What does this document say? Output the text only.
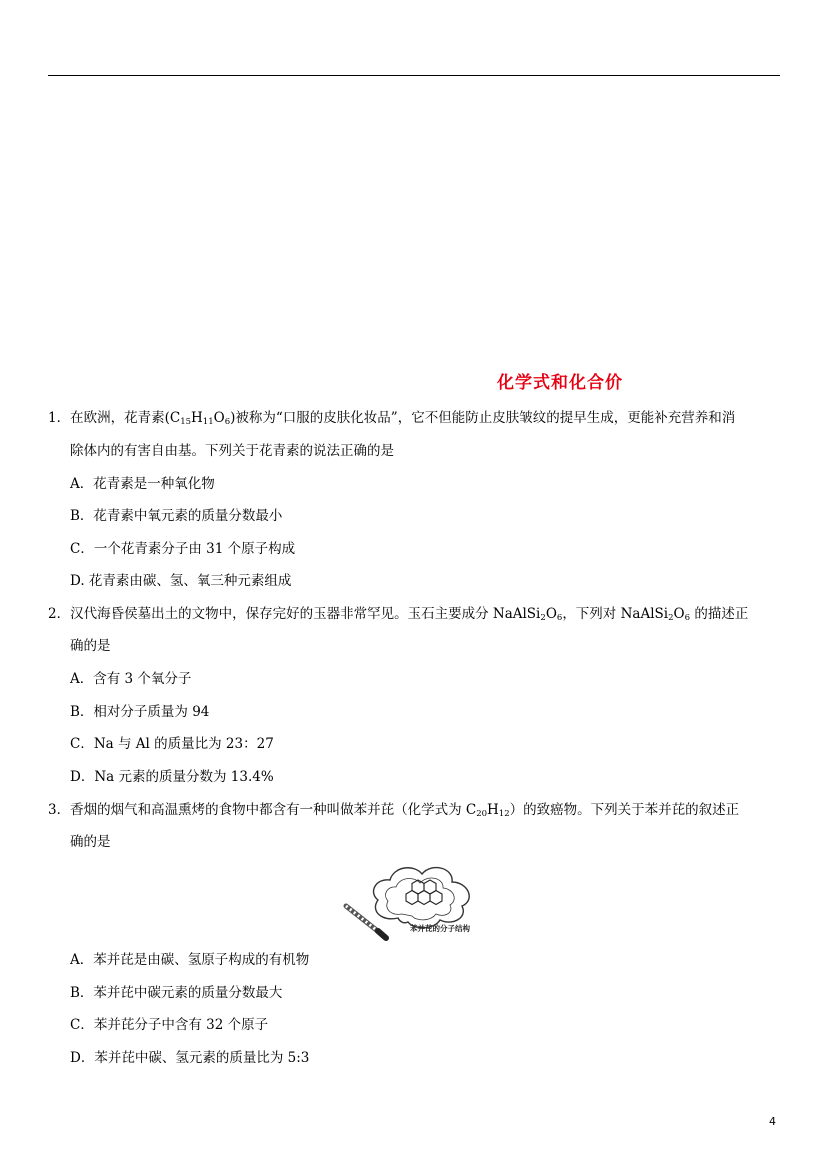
化学式和化合价
1．在欧洲，花青素$(C_{15}H_{11}O_6)$被称为“口服的皮肤化妆品”，它不但能防止皮肤皱纹的提早生成，更能补充营养和消
除体内的有害自由基。下列关于花青素的说法正确的是
A．花青素是一种氧化物
B．花青素中氧元素的质量分数最小
C．一个花青素分子由 31 个原子构成
D. 花青素由碳、氢、氧三种元素组成
2．汉代海昏侯墓出土的文物中，保存完好的玉器非常罕见。玉石主要成分 $NaAlSi_2O_6$，下列对 $NaAlSi_2O_6$ 的描述正
确的是
A．含有 3 个氧分子
B．相对分子质量为 94
C．Na 与 Al 的质量比为 23：27
D．Na 元素的质量分数为 13.4%
3．香烟的烟气和高温熏烤的食物中都含有一种叫做苯并芘（化学式为 $C_{20}H_{12}$）的致癌物。下列关于苯并芘的叙述正
确的是
苯并芘的分子结构
A．苯并芘是由碳、氢原子构成的有机物
B．苯并芘中碳元素的质量分数最大
C．苯并芘分子中含有 32 个原子
D．苯并芘中碳、氢元素的质量比为 5:3
4
